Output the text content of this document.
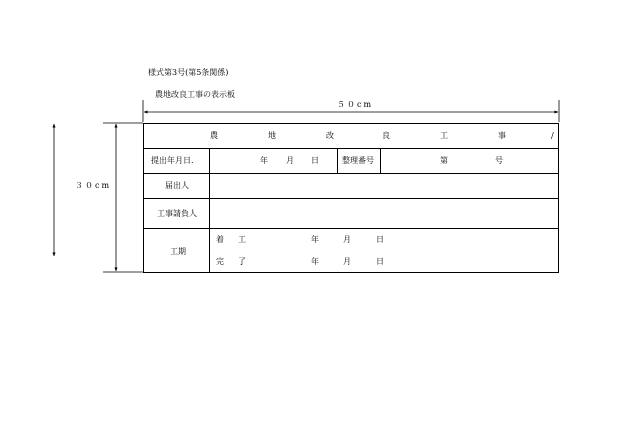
様式第3号(第5条関係)
農地改良工事の表示板
５０cm
３０cm
農	地	改	良	工	事	/
提出年月日.	年 月 日	整理番号	第	号
届出人
工事請負人
工期
着 工	年	月	日
完 了	年	月	日
